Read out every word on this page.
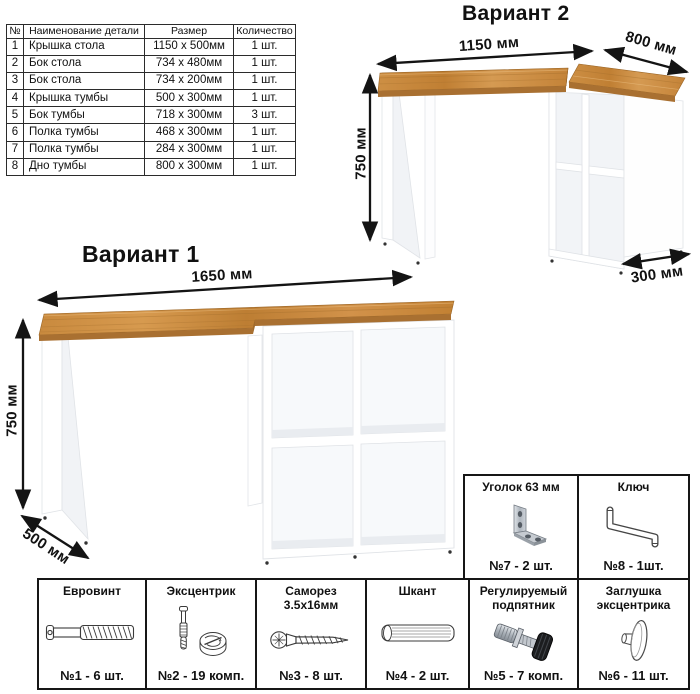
№ Наименование детали	Размер	Количество
1 Крышка стола	1150 x 500мм	1 шт.
2 Бок стола	734 x 480мм	1 шт.
3 Бок стола	734 x 200мм	1 шт.
4 Крышка тумбы	500 x 300мм	1 шт.
5 Бок тумбы	718 x 300мм	3 шт.
6 Полка тумбы	468 x 300мм	1 шт.
7 Полка тумбы	284 x 300мм	1 шт.
8 Дно тумбы	800 x 300мм	1 шт.
Вариант 2
1150 мм	800 мм
750 мм
300 мм
Вариант 1
1650 мм
750 мм
500 мм
Уголок 63 мм
№7 - 2 шт.
Ключ
№8 - 1шт.
Евровинт
№1 - 6 шт.
Эксцентрик
№2 - 19 комп.
Саморез 3.5x16мм
№3 - 8 шт.
Шкант
№4 - 2 шт.
Регулируемый подпятник
№5 - 7 комп.
Заглушка эксцентрика
№6 - 11 шт.
